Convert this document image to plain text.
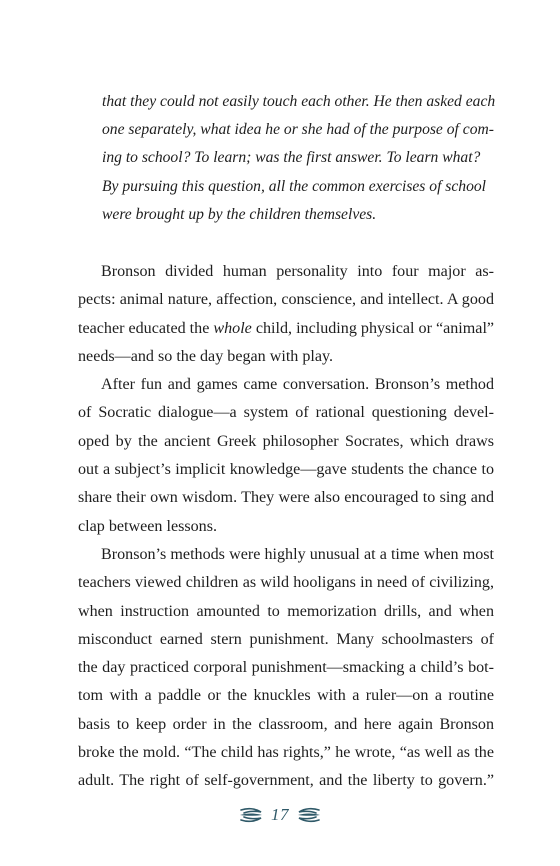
that they could not easily touch each other. He then asked each
one separately, what idea he or she had of the purpose of com-
ing to school? To learn; was the first answer. To learn what?
By pursuing this question, all the common exercises of school
were brought up by the children themselves.
Bronson divided human personality into four major as-
pects: animal nature, affection, conscience, and intellect. A good
teacher educated the whole child, including physical or “animal”
needs—and so the day began with play.
After fun and games came conversation. Bronson’s method
of Socratic dialogue—a system of rational questioning devel-
oped by the ancient Greek philosopher Socrates, which draws
out a subject’s implicit knowledge—gave students the chance to
share their own wisdom. They were also encouraged to sing and
clap between lessons.
Bronson’s methods were highly unusual at a time when most
teachers viewed children as wild hooligans in need of civilizing,
when instruction amounted to memorization drills, and when
misconduct earned stern punishment. Many schoolmasters of
the day practiced corporal punishment—smacking a child’s bot-
tom with a paddle or the knuckles with a ruler—on a routine
basis to keep order in the classroom, and here again Bronson
broke the mold. “The child has rights,” he wrote, “as well as the
adult. The right of self-government, and the liberty to govern.”
17
